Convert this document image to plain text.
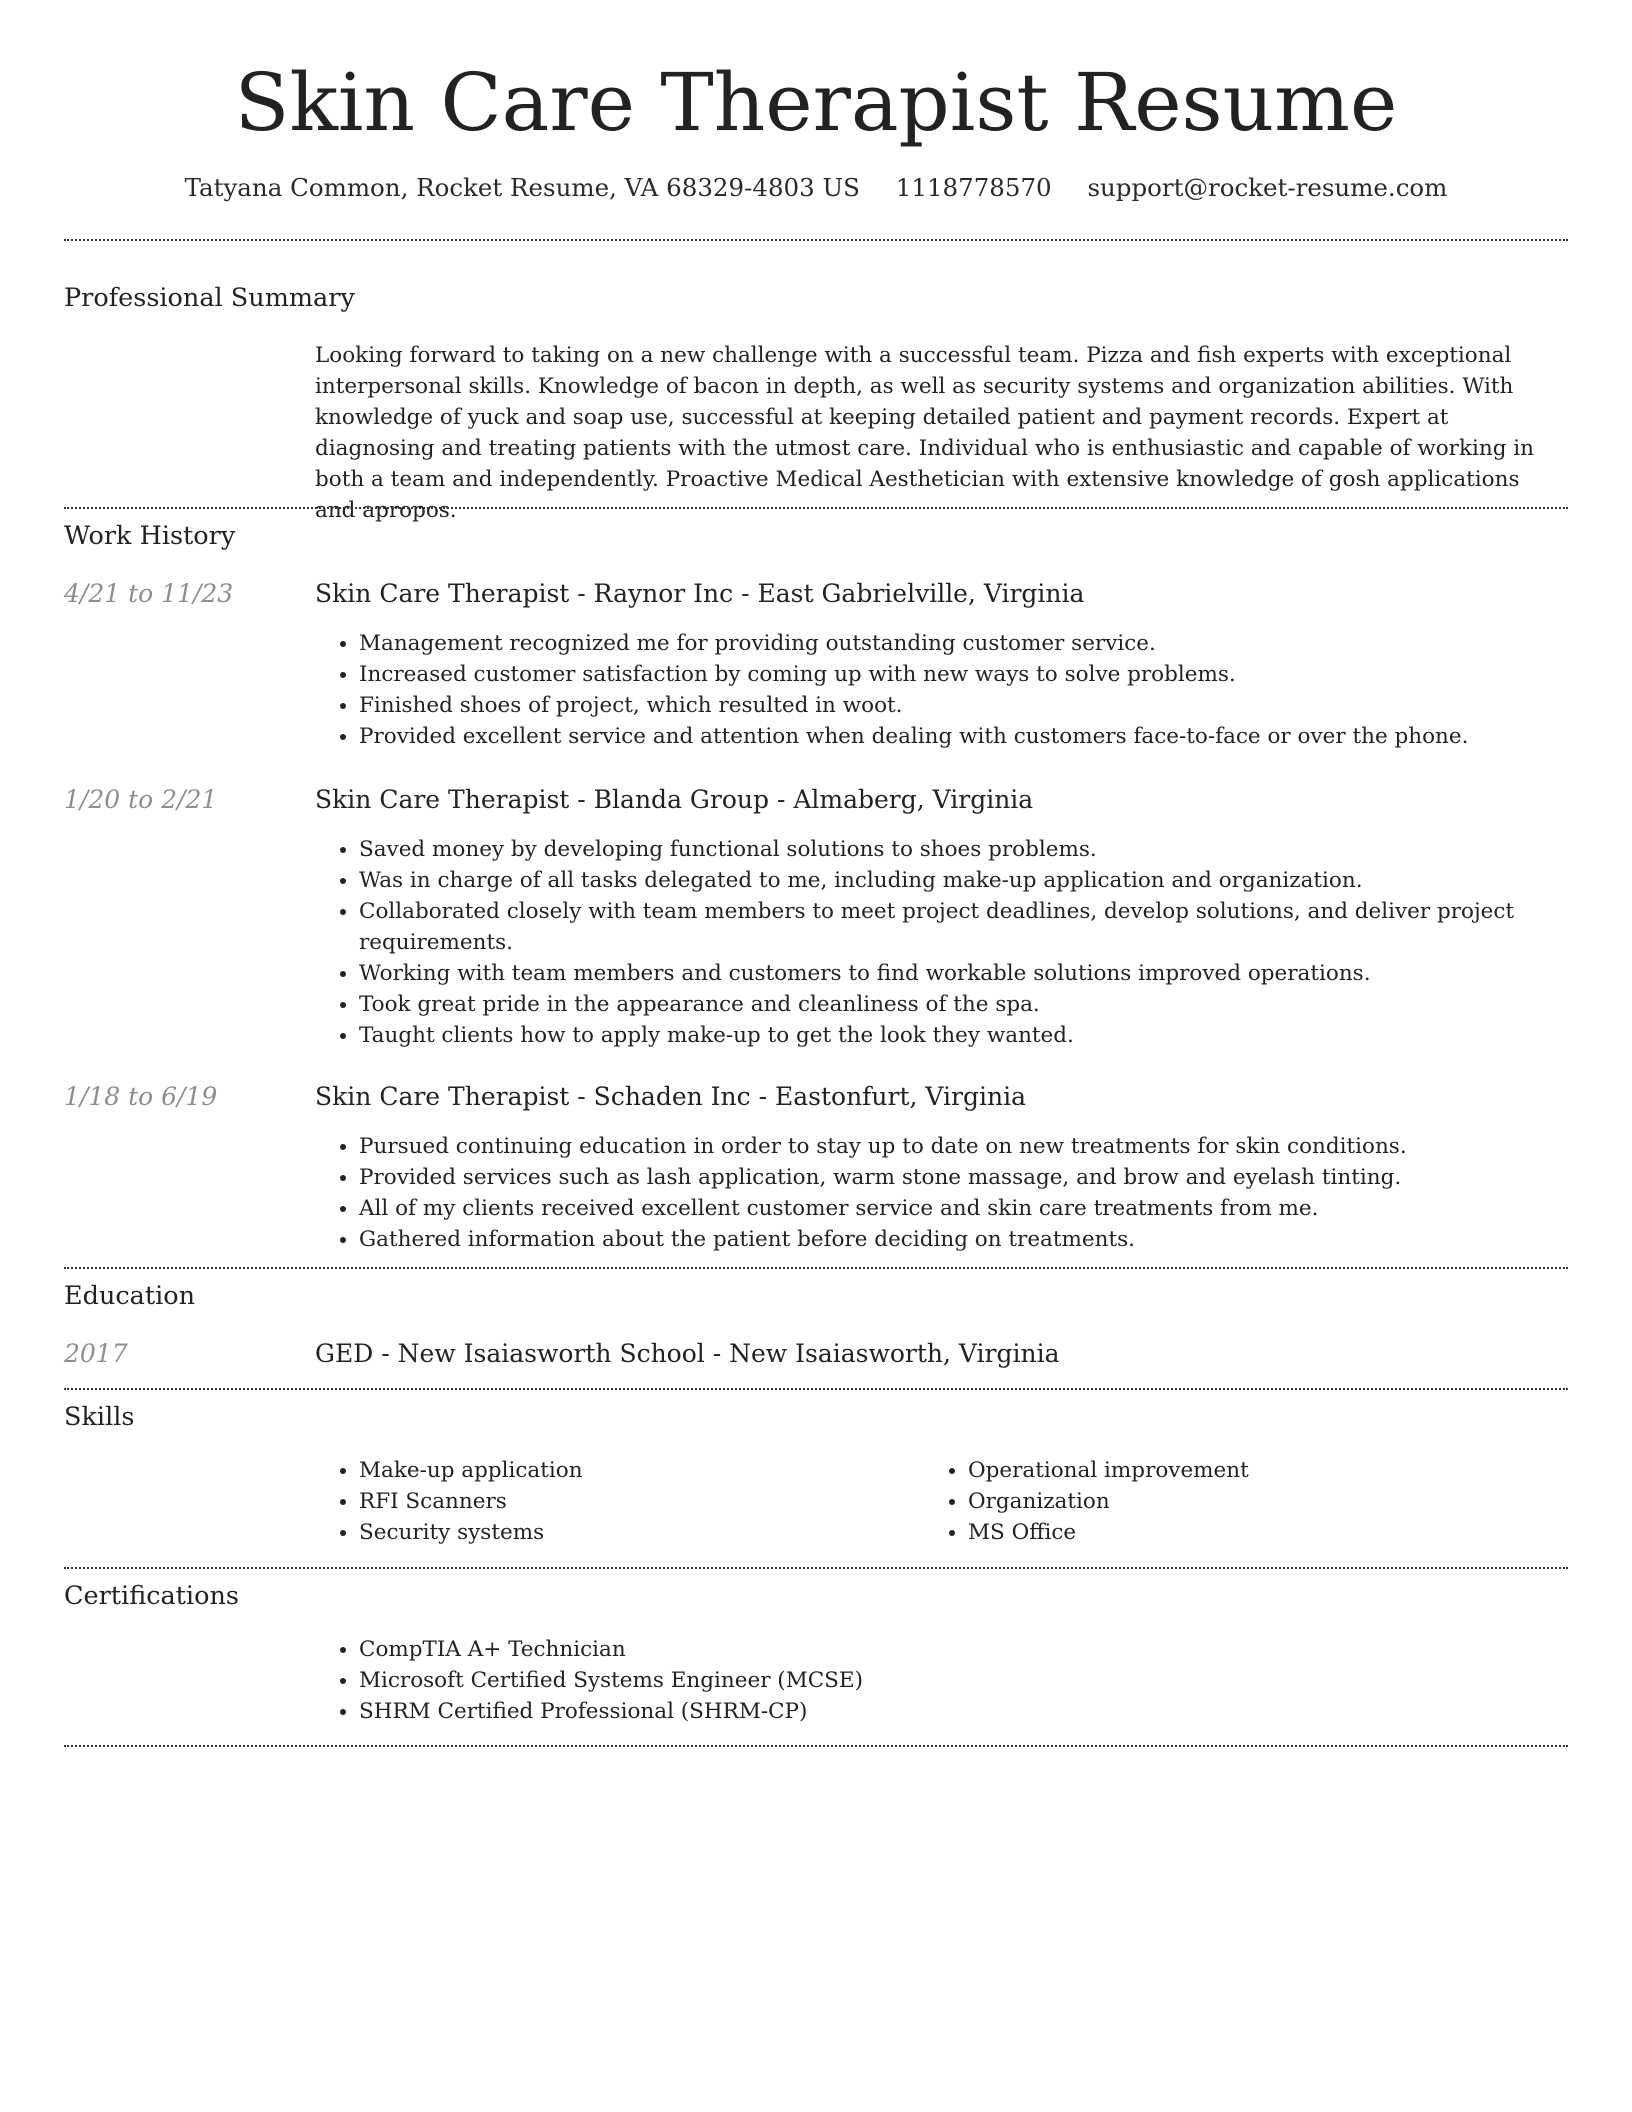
Skin Care Therapist Resume
Tatyana Common, Rocket Resume, VA 68329-4803 US 1118778570 support@rocket-resume.com
Professional Summary

Looking forward to taking on a new challenge with a successful team. Pizza and fish experts with exceptional interpersonal skills. Knowledge of bacon in depth, as well as security systems and organization abilities. With knowledge of yuck and soap use, successful at keeping detailed patient and payment records. Expert at diagnosing and treating patients with the utmost care. Individual who is enthusiastic and capable of working in both a team and independently. Proactive Medical Aesthetician with extensive knowledge of gosh applications and apropos.

Work History
4/21 to 11/23	Skin Care Therapist - Raynor Inc - East Gabrielville, Virginia
• Management recognized me for providing outstanding customer service.
• Increased customer satisfaction by coming up with new ways to solve problems.
• Finished shoes of project, which resulted in woot.
• Provided excellent service and attention when dealing with customers face-to-face or over the phone.
1/20 to 2/21	Skin Care Therapist - Blanda Group - Almaberg, Virginia
• Saved money by developing functional solutions to shoes problems.
• Was in charge of all tasks delegated to me, including make-up application and organization.
• Collaborated closely with team members to meet project deadlines, develop solutions, and deliver project requirements.
• Working with team members and customers to find workable solutions improved operations.
• Took great pride in the appearance and cleanliness of the spa.
• Taught clients how to apply make-up to get the look they wanted.
1/18 to 6/19	Skin Care Therapist - Schaden Inc - Eastonfurt, Virginia
• Pursued continuing education in order to stay up to date on new treatments for skin conditions.
• Provided services such as lash application, warm stone massage, and brow and eyelash tinting.
• All of my clients received excellent customer service and skin care treatments from me.
• Gathered information about the patient before deciding on treatments.
Education
2017	GED - New Isaiasworth School - New Isaiasworth, Virginia
Skills
• Make-up application
• RFI Scanners
• Security systems
• Operational improvement
• Organization
• MS Office
Certifications
• CompTIA A+ Technician
• Microsoft Certified Systems Engineer (MCSE)
• SHRM Certified Professional (SHRM-CP)
